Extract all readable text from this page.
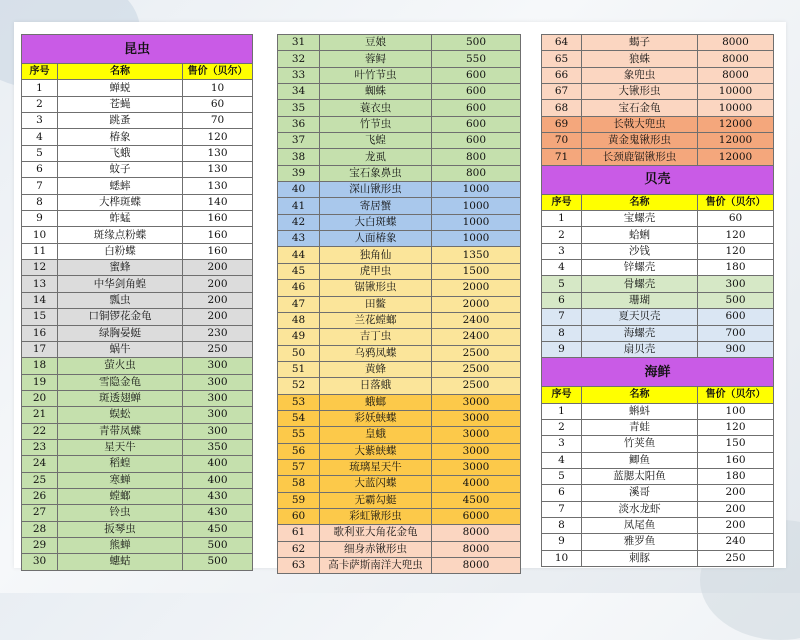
昆虫		
序号	名称	售价（贝尔）
1	蝉蜕	10
2	苍蝇	60
3	跳蚤	70
4	椿象	120
5	飞蛾	130
6	蚊子	130
7	蟋蟀	130
8	大桦斑蝶	140
9	蚱蜢	160
10	斑缘点粉蝶	160
11	白粉蝶	160
12	蜜蜂	200
13	中华剑角蝗	200
14	瓢虫	200
15	口铜锣花金龟	200
16	绿胸晏蜓	230
17	蜗牛	250
18	萤火虫	300
19	雪隐金龟	300
20	斑透翅蝉	300
21	蜈蚣	300
22	青带凤蝶	300
23	星天牛	350
24	稻蝗	400
25	寒蝉	400
26	螳螂	430
27	铃虫	430
28	扳琴虫	450
29	熊蝉	500
30	蟪蛄	500
31	豆娘	500
32	蓉鲟	550
33	叶竹节虫	600
34	蜘蛛	600
35	蓑衣虫	600
36	竹节虫	600
37	飞蝗	600
38	龙虱	800
39	宝石象鼻虫	800
40	深山锹形虫	1000
41	寄居蟹	1000
42	大白斑蝶	1000
43	人面椿象	1000
44	独角仙	1350
45	虎甲虫	1500
46	锯锹形虫	2000
47	田鳖	2000
48	兰花螳螂	2400
49	吉丁虫	2400
50	乌鸦凤蝶	2500
51	黄蜂	2500
52	日落蛾	2500
53	蛾螂	3000
54	彩妖蛱蝶	3000
55	皇蛾	3000
56	大紫蛱蝶	3000
57	琉璃星天牛	3000
58	大蓝闪蝶	4000
59	无霸勾蜓	4500
60	彩虹锹形虫	6000
61	歌利亚大角花金龟	8000
62	细身赤锹形虫	8000
63	高卡萨斯南洋大兜虫	8000
64	蝎子	8000
65	狼蛛	8000
66	象兜虫	8000
67	大锹形虫	10000
68	宝石金龟	10000
69	长戟大兜虫	12000
70	黄金鬼锹形虫	12000
71	长颈鹿锯锹形虫	12000
贝壳		
序号	名称	售价（贝尔）
1	宝螺壳	60
2	蛤蜊	120
3	沙钱	120
4	锌螺壳	180
5	骨螺壳	300
6	珊瑚	500
7	夏天贝壳	600
8	海螺壳	700
9	扇贝壳	900
海鲜		
序号	名称	售价（贝尔）
1	蝌蚪	100
2	青蛙	120
3	竹荚鱼	150
4	鲫鱼	160
5	蓝腮太阳鱼	180
6	溪哥	200
7	淡水龙虾	200
8	凤尾鱼	200
9	雅罗鱼	240
10	刺豚	250
